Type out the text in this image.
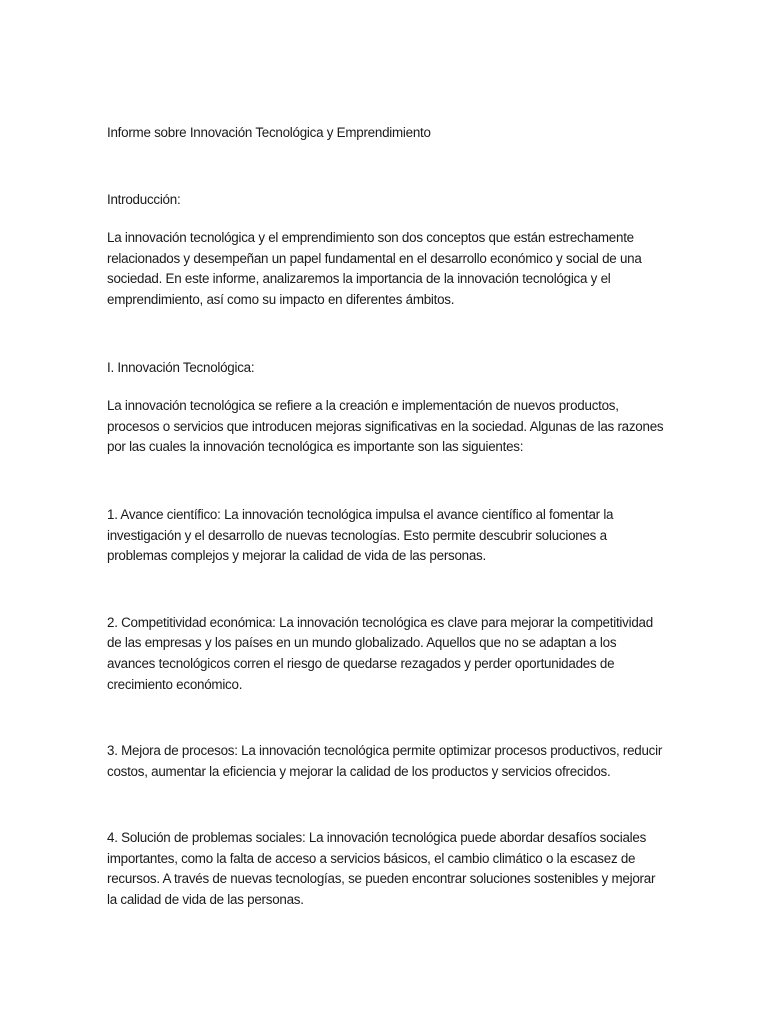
Informe sobre Innovación Tecnológica y Emprendimiento

Introducción:

La innovación tecnológica y el emprendimiento son dos conceptos que están estrechamente relacionados y desempeñan un papel fundamental en el desarrollo económico y social de una sociedad. En este informe, analizaremos la importancia de la innovación tecnológica y el emprendimiento, así como su impacto en diferentes ámbitos.

I. Innovación Tecnológica:

La innovación tecnológica se refiere a la creación e implementación de nuevos productos, procesos o servicios que introducen mejoras significativas en la sociedad. Algunas de las razones por las cuales la innovación tecnológica es importante son las siguientes:

1. Avance científico: La innovación tecnológica impulsa el avance científico al fomentar la investigación y el desarrollo de nuevas tecnologías. Esto permite descubrir soluciones a problemas complejos y mejorar la calidad de vida de las personas.

2. Competitividad económica: La innovación tecnológica es clave para mejorar la competitividad de las empresas y los países en un mundo globalizado. Aquellos que no se adaptan a los avances tecnológicos corren el riesgo de quedarse rezagados y perder oportunidades de crecimiento económico.

3. Mejora de procesos: La innovación tecnológica permite optimizar procesos productivos, reducir costos, aumentar la eficiencia y mejorar la calidad de los productos y servicios ofrecidos.

4. Solución de problemas sociales: La innovación tecnológica puede abordar desafíos sociales importantes, como la falta de acceso a servicios básicos, el cambio climático o la escasez de recursos. A través de nuevas tecnologías, se pueden encontrar soluciones sostenibles y mejorar la calidad de vida de las personas.
